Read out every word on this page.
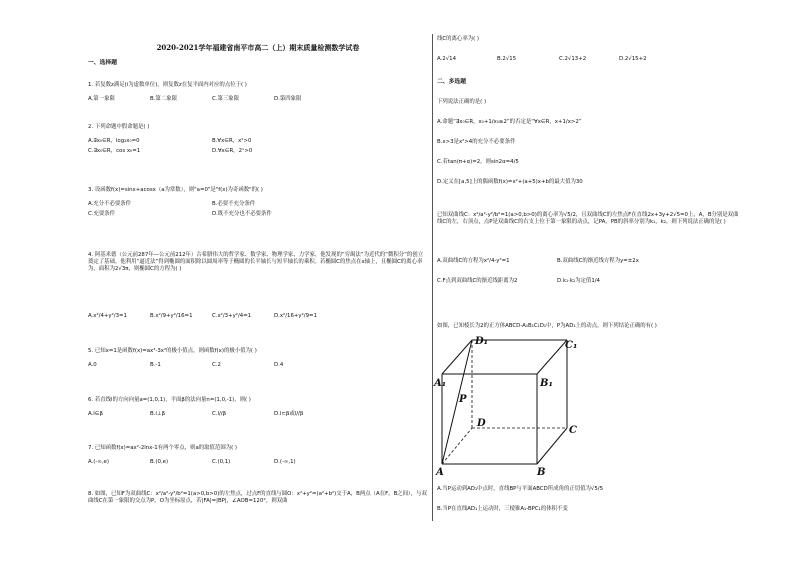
2020-2021学年福建省南平市高二（上）期末质量检测数学试卷
一、选择题
1. 若复数z满足(i为虚数单位)，则复数z在复平面内对应的点位于( )
A.第一象限	B.第二象限	C.第三象限	D.第四象限
2. 下列命题中假命题是( )
A.∃x₀∈R，log₂x₀=0	B.∀x∈R，x²>0
C.∃x₀∈R，cos x₀=1	D.∀x∈R，2ˣ>0
3. 设函数f(x)=sinx+acosx（a为常数），则"a=0"是"f(x)为奇函数"的( )
A.充分不必要条件	B.必要不充分条件
C.充要条件	D.既不充分也不必要条件
4. 阿基米德（公元前287年—公元前212年）古希腊伟大的哲学家、数学家、物理学家、力学家，他发现的“穷竭法”为近代的“微积分”的创立奠定了基础。他利用“逼近法”得到椭圆的面积除以圆周率等于椭圆的长半轴长与短半轴长的乘积。若椭圆C的焦点在x轴上，且椭圆C的离心率为，面积为2√3π，则椭圆C的方程为( )
A.x²/4+y²/3=1	B.x²/9+y²/16=1	C.x²/3+y²/4=1	D.x²/16+y²/9=1
5. 已知x=1是函数f(x)=ax³-3x²的极小值点，则函数f(x)的极小值为( )
A.0	B.-1	C.2	D.4
6. 若直线l的方向向量a=(1,0,1)，平面β的法向量n=(1,0,-1)，则( )
A.l∈β	B.l⊥β	C.l//β	D.l⊂β或l//β
7. 已知函数f(x)=ax²-2lnx-1有两个零点，则a的取值范围为( )
A.(-∞,e)	B.(0,e)	C.(0,1)	D.(-∞,1)
8. 如图，已知F为双曲线C：x²/a²-y²/b²=1(a>0,b>0)的左焦点，过点F的直线与圆O：x²+y²=(a²+b²)交于A，B两点（A在F，B之间），与双曲线C在第一象限的交点为P，O为坐标原点，若|FA|=|BP|，∠AOB=120°，则双曲
线C的离心率为( )
A.2√14	B.2√15	C.2√13+2	D.2√15+2
二、多选题
下列说法正确的是( )
A.命题“∃x₀∈R，x₀+1/x₀≥2”的否定是“∀x∈R，x+1/x>2”
B.x>3是x²>4的充分不必要条件
C.若tan(π+α)=2，则sin2α=4/5
D.定义在[a,5]上的偶函数f(x)=x²+(a+5)x+b的最大值为30
已知双曲线C：x²/a²-y²/b²=1(a>0,b>0)的离心率为√5/2，且双曲线C的左焦点F在直线2x+3y+2√5=0上，A，B分别是双曲线C的左，右顶点，点P是双曲线C的右支上位于第一象限的动点，记PA，PB的斜率分别为k₁，k₂，则下列说法正确的是( )
A.双曲线C的方程为x²/4-y²=1	B.双曲线C的渐近线方程为y=±2x
C.F点到双曲线C的渐近线距离为2	D.k₁·k₂为定值1/4
如图，已知棱长为2的正方体ABCD-A₁B₁C₁D₁中，P为AD₁上的动点，则下列结论正确的有( )
A	B
C
D
A₁	B₁
C₁
D₁
P
A.当P运动到AD₁中点时，直线BP与平面ABCD所成角的正切值为√5/5
B.当P在直线AD₁上运动时，三棱锥A₁-BPC₁的体积不变
